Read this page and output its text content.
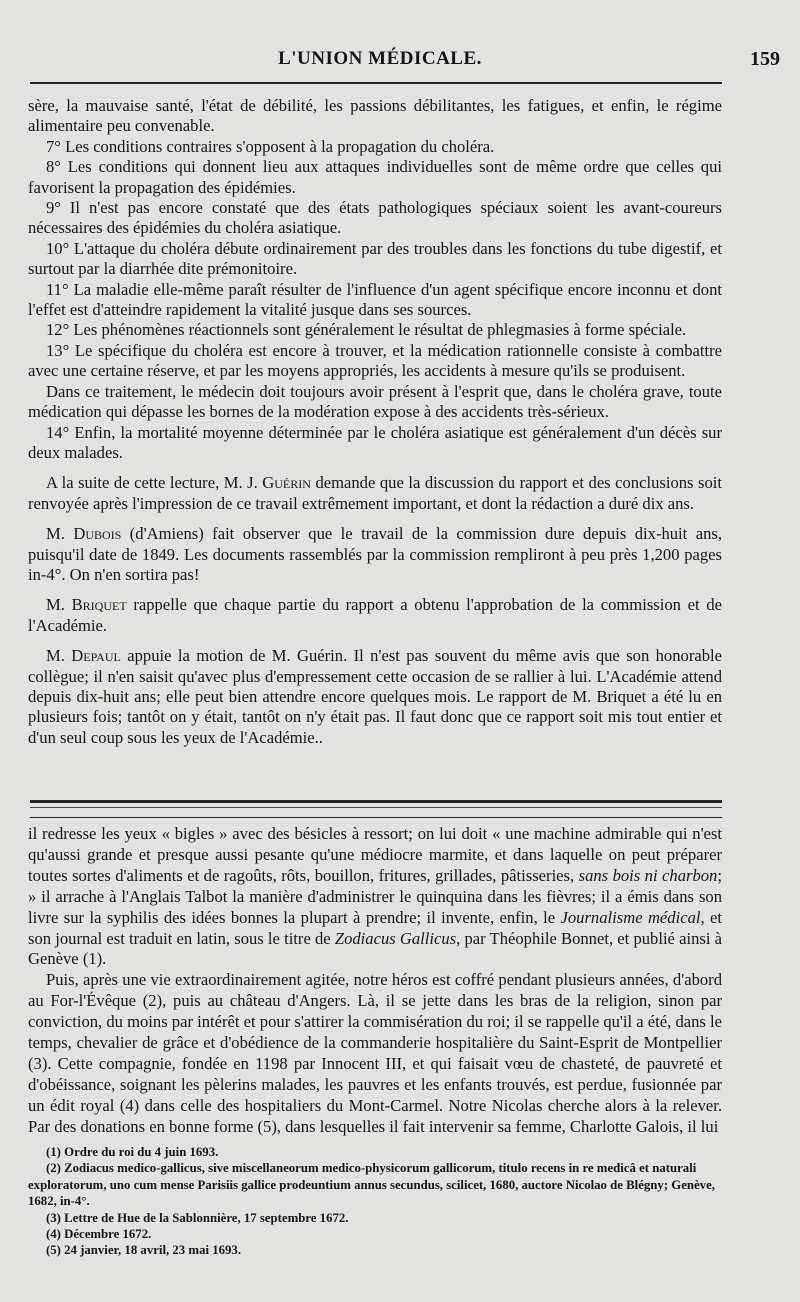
L'UNION MÉDICALE.	159

sère, la mauvaise santé, l'état de débilité, les passions débilitantes, les fatigues, et enfin, le régime alimentaire peu convenable.

7° Les conditions contraires s'opposent à la propagation du choléra.

8° Les conditions qui donnent lieu aux attaques individuelles sont de même ordre que celles qui favorisent la propagation des épidémies.

9° Il n'est pas encore constaté que des états pathologiques spéciaux soient les avant-coureurs nécessaires des épidémies du choléra asiatique.

10° L'attaque du choléra débute ordinairement par des troubles dans les fonctions du tube digestif, et surtout par la diarrhée dite prémonitoire.

11° La maladie elle-même paraît résulter de l'influence d'un agent spécifique encore inconnu et dont l'effet est d'atteindre rapidement la vitalité jusque dans ses sources.

12° Les phénomènes réactionnels sont généralement le résultat de phlegmasies à forme spéciale.

13° Le spécifique du choléra est encore à trouver, et la médication rationnelle consiste à combattre avec une certaine réserve, et par les moyens appropriés, les accidents à mesure qu'ils se produisent.

Dans ce traitement, le médecin doit toujours avoir présent à l'esprit que, dans le choléra grave, toute médication qui dépasse les bornes de la modération expose à des accidents très-sérieux.

14° Enfin, la mortalité moyenne déterminée par le choléra asiatique est généralement d'un décès sur deux malades.

A la suite de cette lecture, M. J. Guérin demande que la discussion du rapport et des conclusions soit renvoyée après l'impression de ce travail extrêmement important, et dont la rédaction a duré dix ans.

M. Dubois (d'Amiens) fait observer que le travail de la commission dure depuis dix-huit ans, puisqu'il date de 1849. Les documents rassemblés par la commission rempliront à peu près 1,200 pages in-4°. On n'en sortira pas!

M. Briquet rappelle que chaque partie du rapport a obtenu l'approbation de la commission et de l'Académie.

M. Depaul appuie la motion de M. Guérin. Il n'est pas souvent du même avis que son honorable collègue; il n'en saisit qu'avec plus d'empressement cette occasion de se rallier à lui. L'Académie attend depuis dix-huit ans; elle peut bien attendre encore quelques mois. Le rapport de M. Briquet a été lu en plusieurs fois; tantôt on y était, tantôt on n'y était pas. Il faut donc que ce rapport soit mis tout entier et d'un seul coup sous les yeux de l'Académie..

il redresse les yeux « bigles » avec des bésicles à ressort; on lui doit « une machine admirable qui n'est qu'aussi grande et presque aussi pesante qu'une médiocre marmite, et dans laquelle on peut préparer toutes sortes d'aliments et de ragoûts, rôts, bouillon, fritures, grillades, pâtisseries, sans bois ni charbon; » il arrache à l'Anglais Talbot la manière d'administrer le quinquina dans les fièvres; il a émis dans son livre sur la syphilis des idées bonnes la plupart à prendre; il invente, enfin, le Journalisme médical, et son journal est traduit en latin, sous le titre de Zodiacus Gallicus, par Théophile Bonnet, et publié ainsi à Genève (1).

Puis, après une vie extraordinairement agitée, notre héros est coffré pendant plusieurs années, d'abord au For-l'Évêque (2), puis au château d'Angers. Là, il se jette dans les bras de la religion, sinon par conviction, du moins par intérêt et pour s'attirer la commisération du roi; il se rappelle qu'il a été, dans le temps, chevalier de grâce et d'obédience de la commanderie hospitalière du Saint-Esprit de Montpellier (3). Cette compagnie, fondée en 1198 par Innocent III, et qui faisait vœu de chasteté, de pauvreté et d'obéissance, soignant les pèlerins malades, les pauvres et les enfants trouvés, est perdue, fusionnée par un édit royal (4) dans celle des hospitaliers du Mont-Carmel. Notre Nicolas cherche alors à la relever. Par des donations en bonne forme (5), dans lesquelles il fait intervenir sa femme, Charlotte Galois, il lui

(1) Ordre du roi du 4 juin 1693.

(2) Zodiacus medico-gallicus, sive miscellaneorum medico-physicorum gallicorum, titulo recens in re medicâ et naturali exploratorum, uno cum mense Parisiis gallice prodeuntium annus secundus, scilicet, 1680, auctore Nicolao de Blégny; Genève, 1682, in-4°.

(3) Lettre de Hue de la Sablonnière, 17 septembre 1672.

(4) Décembre 1672.

(5) 24 janvier, 18 avril, 23 mai 1693.
